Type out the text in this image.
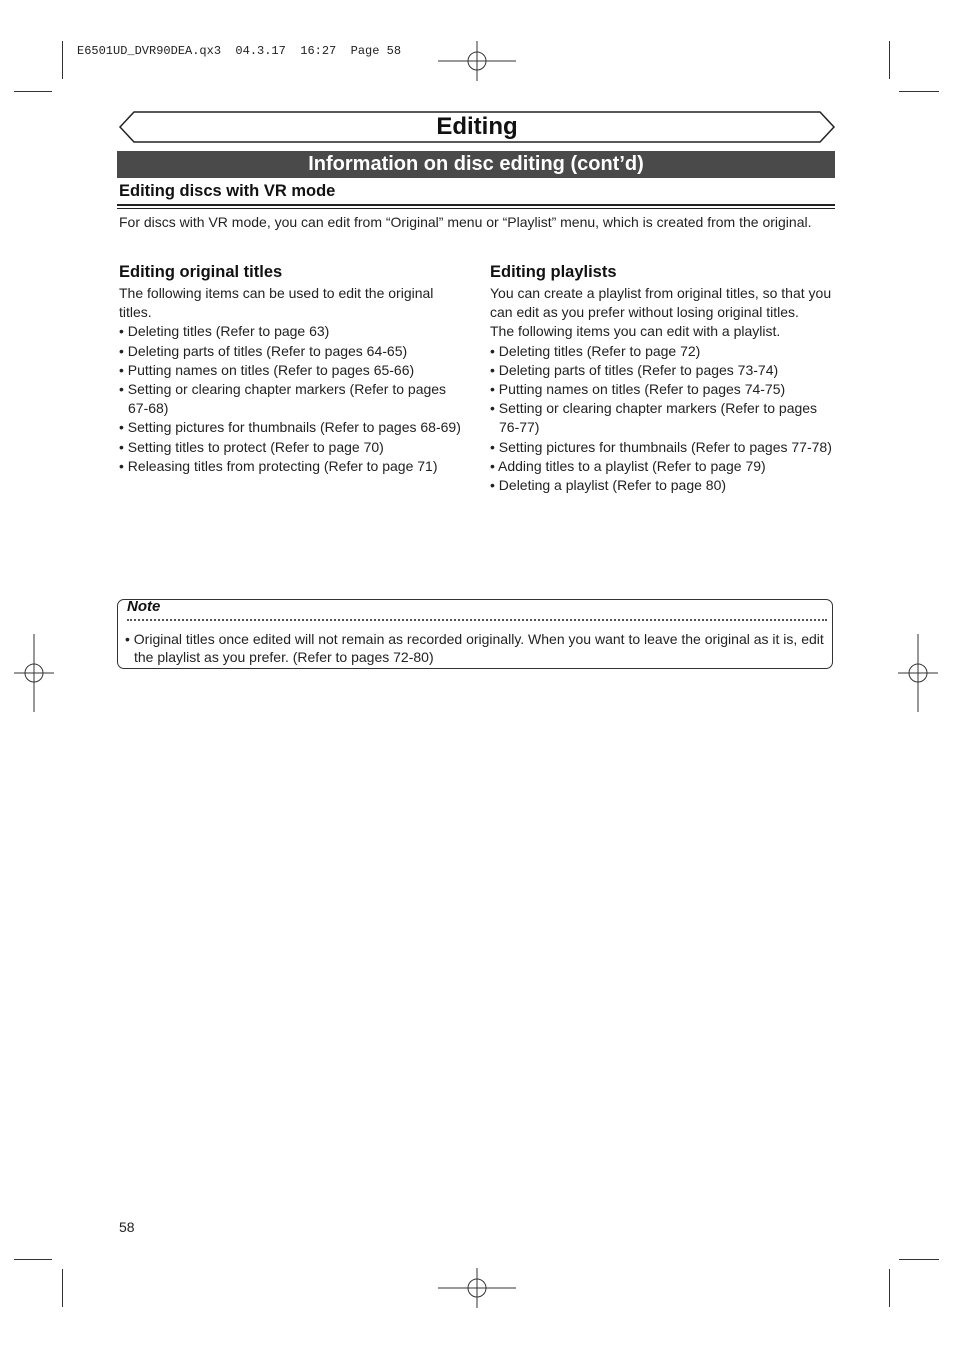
E6501UD_DVR90DEA.qx3  04.3.17  16:27  Page 58
Editing
Information on disc editing (cont’d)
Editing discs with VR mode
For discs with VR mode, you can edit from “Original” menu or “Playlist” menu, which is created from the original.
Editing original titles

The following items can be used to edit the original titles.

• Deleting titles (Refer to page 63)
• Deleting parts of titles (Refer to pages 64-65)
• Putting names on titles (Refer to pages 65-66)
• Setting or clearing chapter markers (Refer to pages 67-68)
• Setting pictures for thumbnails (Refer to pages 68-69)
• Setting titles to protect (Refer to page 70)
• Releasing titles from protecting (Refer to page 71)
Editing playlists

You can create a playlist from original titles, so that you can edit as you prefer without losing original titles.

The following items you can edit with a playlist.

• Deleting titles (Refer to page 72)
• Deleting parts of titles (Refer to pages 73-74)
• Putting names on titles (Refer to pages 74-75)
• Setting or clearing chapter markers (Refer to pages 76-77)
• Setting pictures for thumbnails (Refer to pages 77-78)
• Adding titles to a playlist (Refer to page 79)
• Deleting a playlist (Refer to page 80)
Note
• Original titles once edited will not remain as recorded originally. When you want to leave the original as it is, edit the playlist as you prefer. (Refer to pages 72-80)
58
